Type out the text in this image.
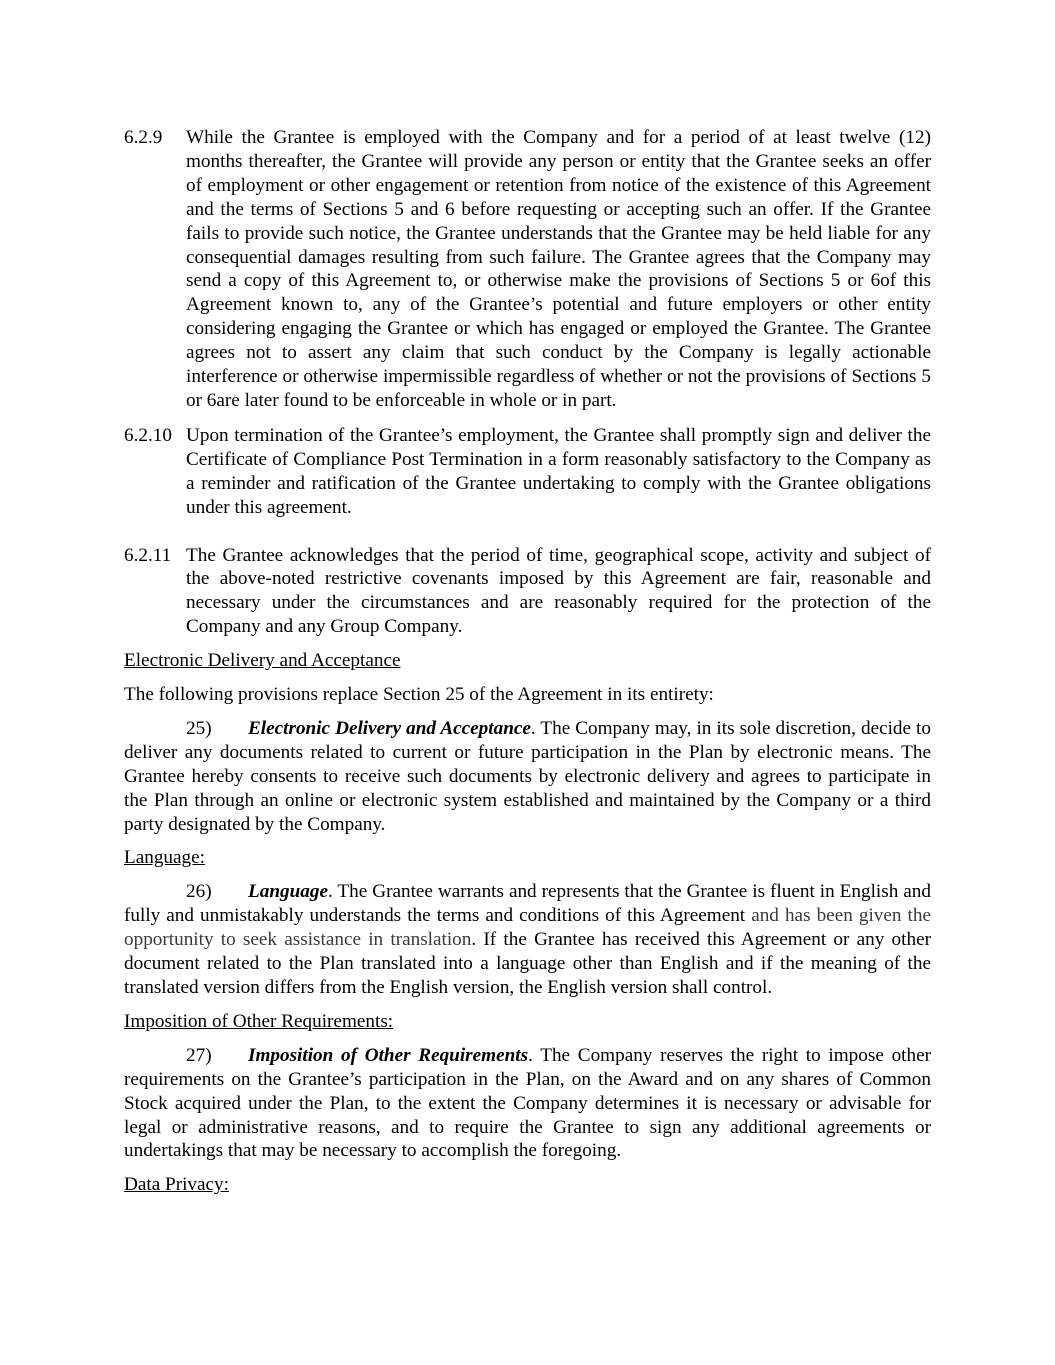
6.2.9 While the Grantee is employed with the Company and for a period of at least twelve (12) months thereafter, the Grantee will provide any person or entity that the Grantee seeks an offer of employment or other engagement or retention from notice of the existence of this Agreement and the terms of Sections 5 and 6 before requesting or accepting such an offer. If the Grantee fails to provide such notice, the Grantee understands that the Grantee may be held liable for any consequential damages resulting from such failure. The Grantee agrees that the Company may send a copy of this Agreement to, or otherwise make the provisions of Sections 5 or 6of this Agreement known to, any of the Grantee’s potential and future employers or other entity considering engaging the Grantee or which has engaged or employed the Grantee. The Grantee agrees not to assert any claim that such conduct by the Company is legally actionable interference or otherwise impermissible regardless of whether or not the provisions of Sections 5 or 6are later found to be enforceable in whole or in part.
6.2.10 Upon termination of the Grantee’s employment, the Grantee shall promptly sign and deliver the Certificate of Compliance Post Termination in a form reasonably satisfactory to the Company as a reminder and ratification of the Grantee undertaking to comply with the Grantee obligations under this agreement.
6.2.11 The Grantee acknowledges that the period of time, geographical scope, activity and subject of the above-noted restrictive covenants imposed by this Agreement are fair, reasonable and necessary under the circumstances and are reasonably required for the protection of the Company and any Group Company.
Electronic Delivery and Acceptance
The following provisions replace Section 25 of the Agreement in its entirety:
25) Electronic Delivery and Acceptance. The Company may, in its sole discretion, decide to deliver any documents related to current or future participation in the Plan by electronic means. The Grantee hereby consents to receive such documents by electronic delivery and agrees to participate in the Plan through an online or electronic system established and maintained by the Company or a third party designated by the Company.
Language:
26) Language. The Grantee warrants and represents that the Grantee is fluent in English and fully and unmistakably understands the terms and conditions of this Agreement and has been given the opportunity to seek assistance in translation. If the Grantee has received this Agreement or any other document related to the Plan translated into a language other than English and if the meaning of the translated version differs from the English version, the English version shall control.
Imposition of Other Requirements:
27) Imposition of Other Requirements. The Company reserves the right to impose other requirements on the Grantee’s participation in the Plan, on the Award and on any shares of Common Stock acquired under the Plan, to the extent the Company determines it is necessary or advisable for legal or administrative reasons, and to require the Grantee to sign any additional agreements or undertakings that may be necessary to accomplish the foregoing.
Data Privacy:
